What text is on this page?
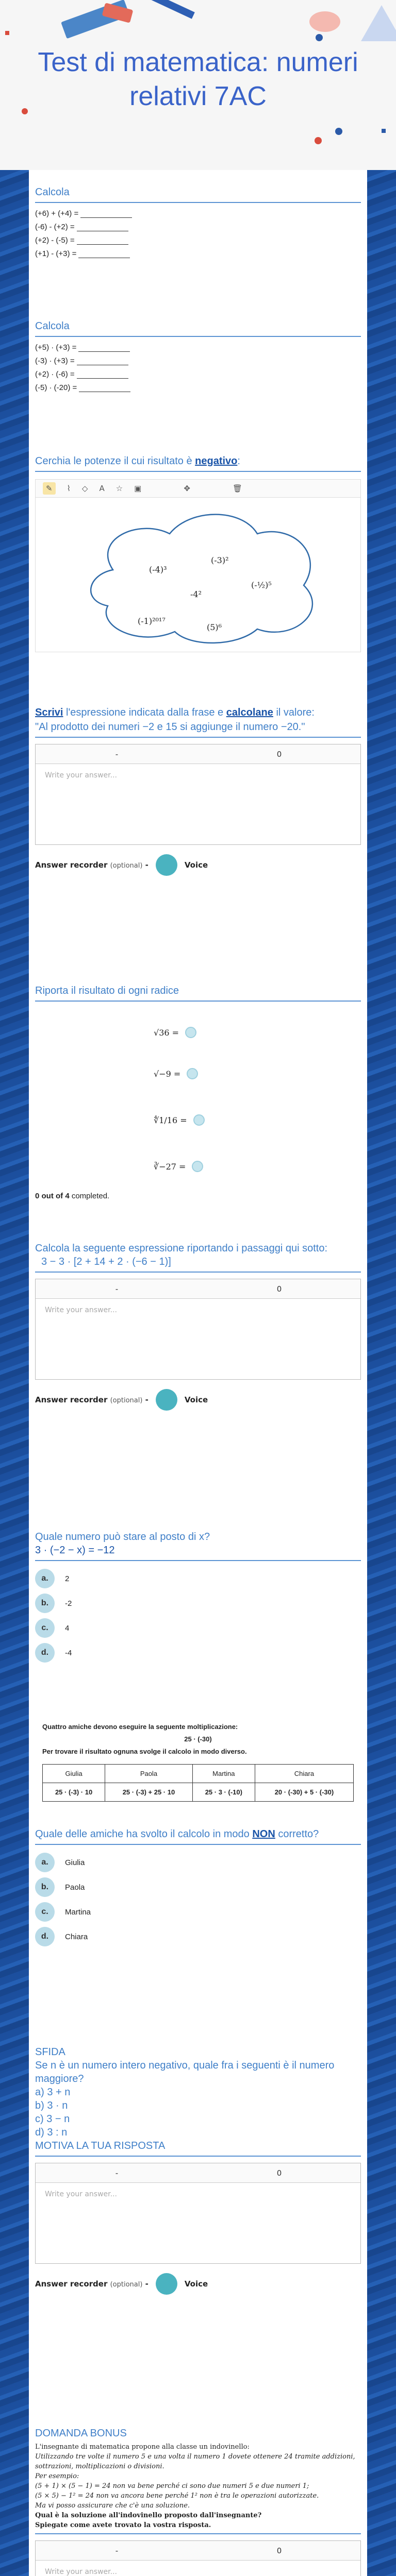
Test di matematica: numeri relativi 7AC
Calcola
(+6) + (+4) =
(-6) - (+2) =
(+2) - (-5) =
(+1) - (+3) =
Calcola
(+5) · (+3) =
(-3) · (+3) =
(+2) · (-6) =
(-5) · (-20) =
Cerchia le potenze il cui risultato è negativo:
✎	⌇ ◇ A ☆ ▣	✥	🗑
(-4)³
(-3)²
-4²
(-½)⁵
(-1)²⁰¹⁷
(5)⁶
Scrivi l'espressione indicata dalla frase e calcolane il valore:
"Al prodotto dei numeri −2 e 15 si aggiunge il numero −20."
-	0
Write your answer...
Answer recorder (optional) -	Voice
Riporta il risultato di ogni radice
√36 =
√−9 =
∜1/16 =
∛−27 =
0 out of 4 completed.
Calcola la seguente espressione riportando i passaggi qui sotto:
3 − 3 · [2 + 14 + 2 · (−6 − 1)]
-	0
Write your answer...
Answer recorder (optional) -	Voice
Quale numero può stare al posto di x?
3 · (−2 − x) = −12
a.	2
b.	-2
c.	4
d.	-4
Quattro amiche devono eseguire la seguente moltiplicazione:
25 · (-30)
Per trovare il risultato ognuna svolge il calcolo in modo diverso.
Giulia	Paola	Martina	Chiara
25 · (-3) · 10	25 · (-3) + 25 · 10	25 · 3 · (-10)	20 · (-30) + 5 · (-30)
Quale delle amiche ha svolto il calcolo in modo NON corretto?
a.	Giulia
b.	Paola
c.	Martina
d.	Chiara
SFIDA
Se n è un numero intero negativo, quale fra i seguenti è il numero maggiore?
a) 3 + n
b) 3 · n
c) 3 − n
d) 3 : n
MOTIVA LA TUA RISPOSTA
-	0
Write your answer...
Answer recorder (optional) -	Voice
DOMANDA BONUS
L'insegnante di matematica propone alla classe un indovinello:
Utilizzando tre volte il numero 5 e una volta il numero 1 dovete ottenere 24 tramite addizioni, sottrazioni, moltiplicazioni o divisioni.
Per esempio:
(5 + 1) × (5 − 1) = 24 non va bene perché ci sono due numeri 5 e due numeri 1;
(5 × 5) − 1² = 24 non va ancora bene perché 1² non è tra le operazioni autorizzate.
Ma vi posso assicurare che c'è una soluzione.
Qual è la soluzione all'indovinello proposto dall'insegnante?
Spiegate come avete trovato la vostra risposta.
-	0
Write your answer...
